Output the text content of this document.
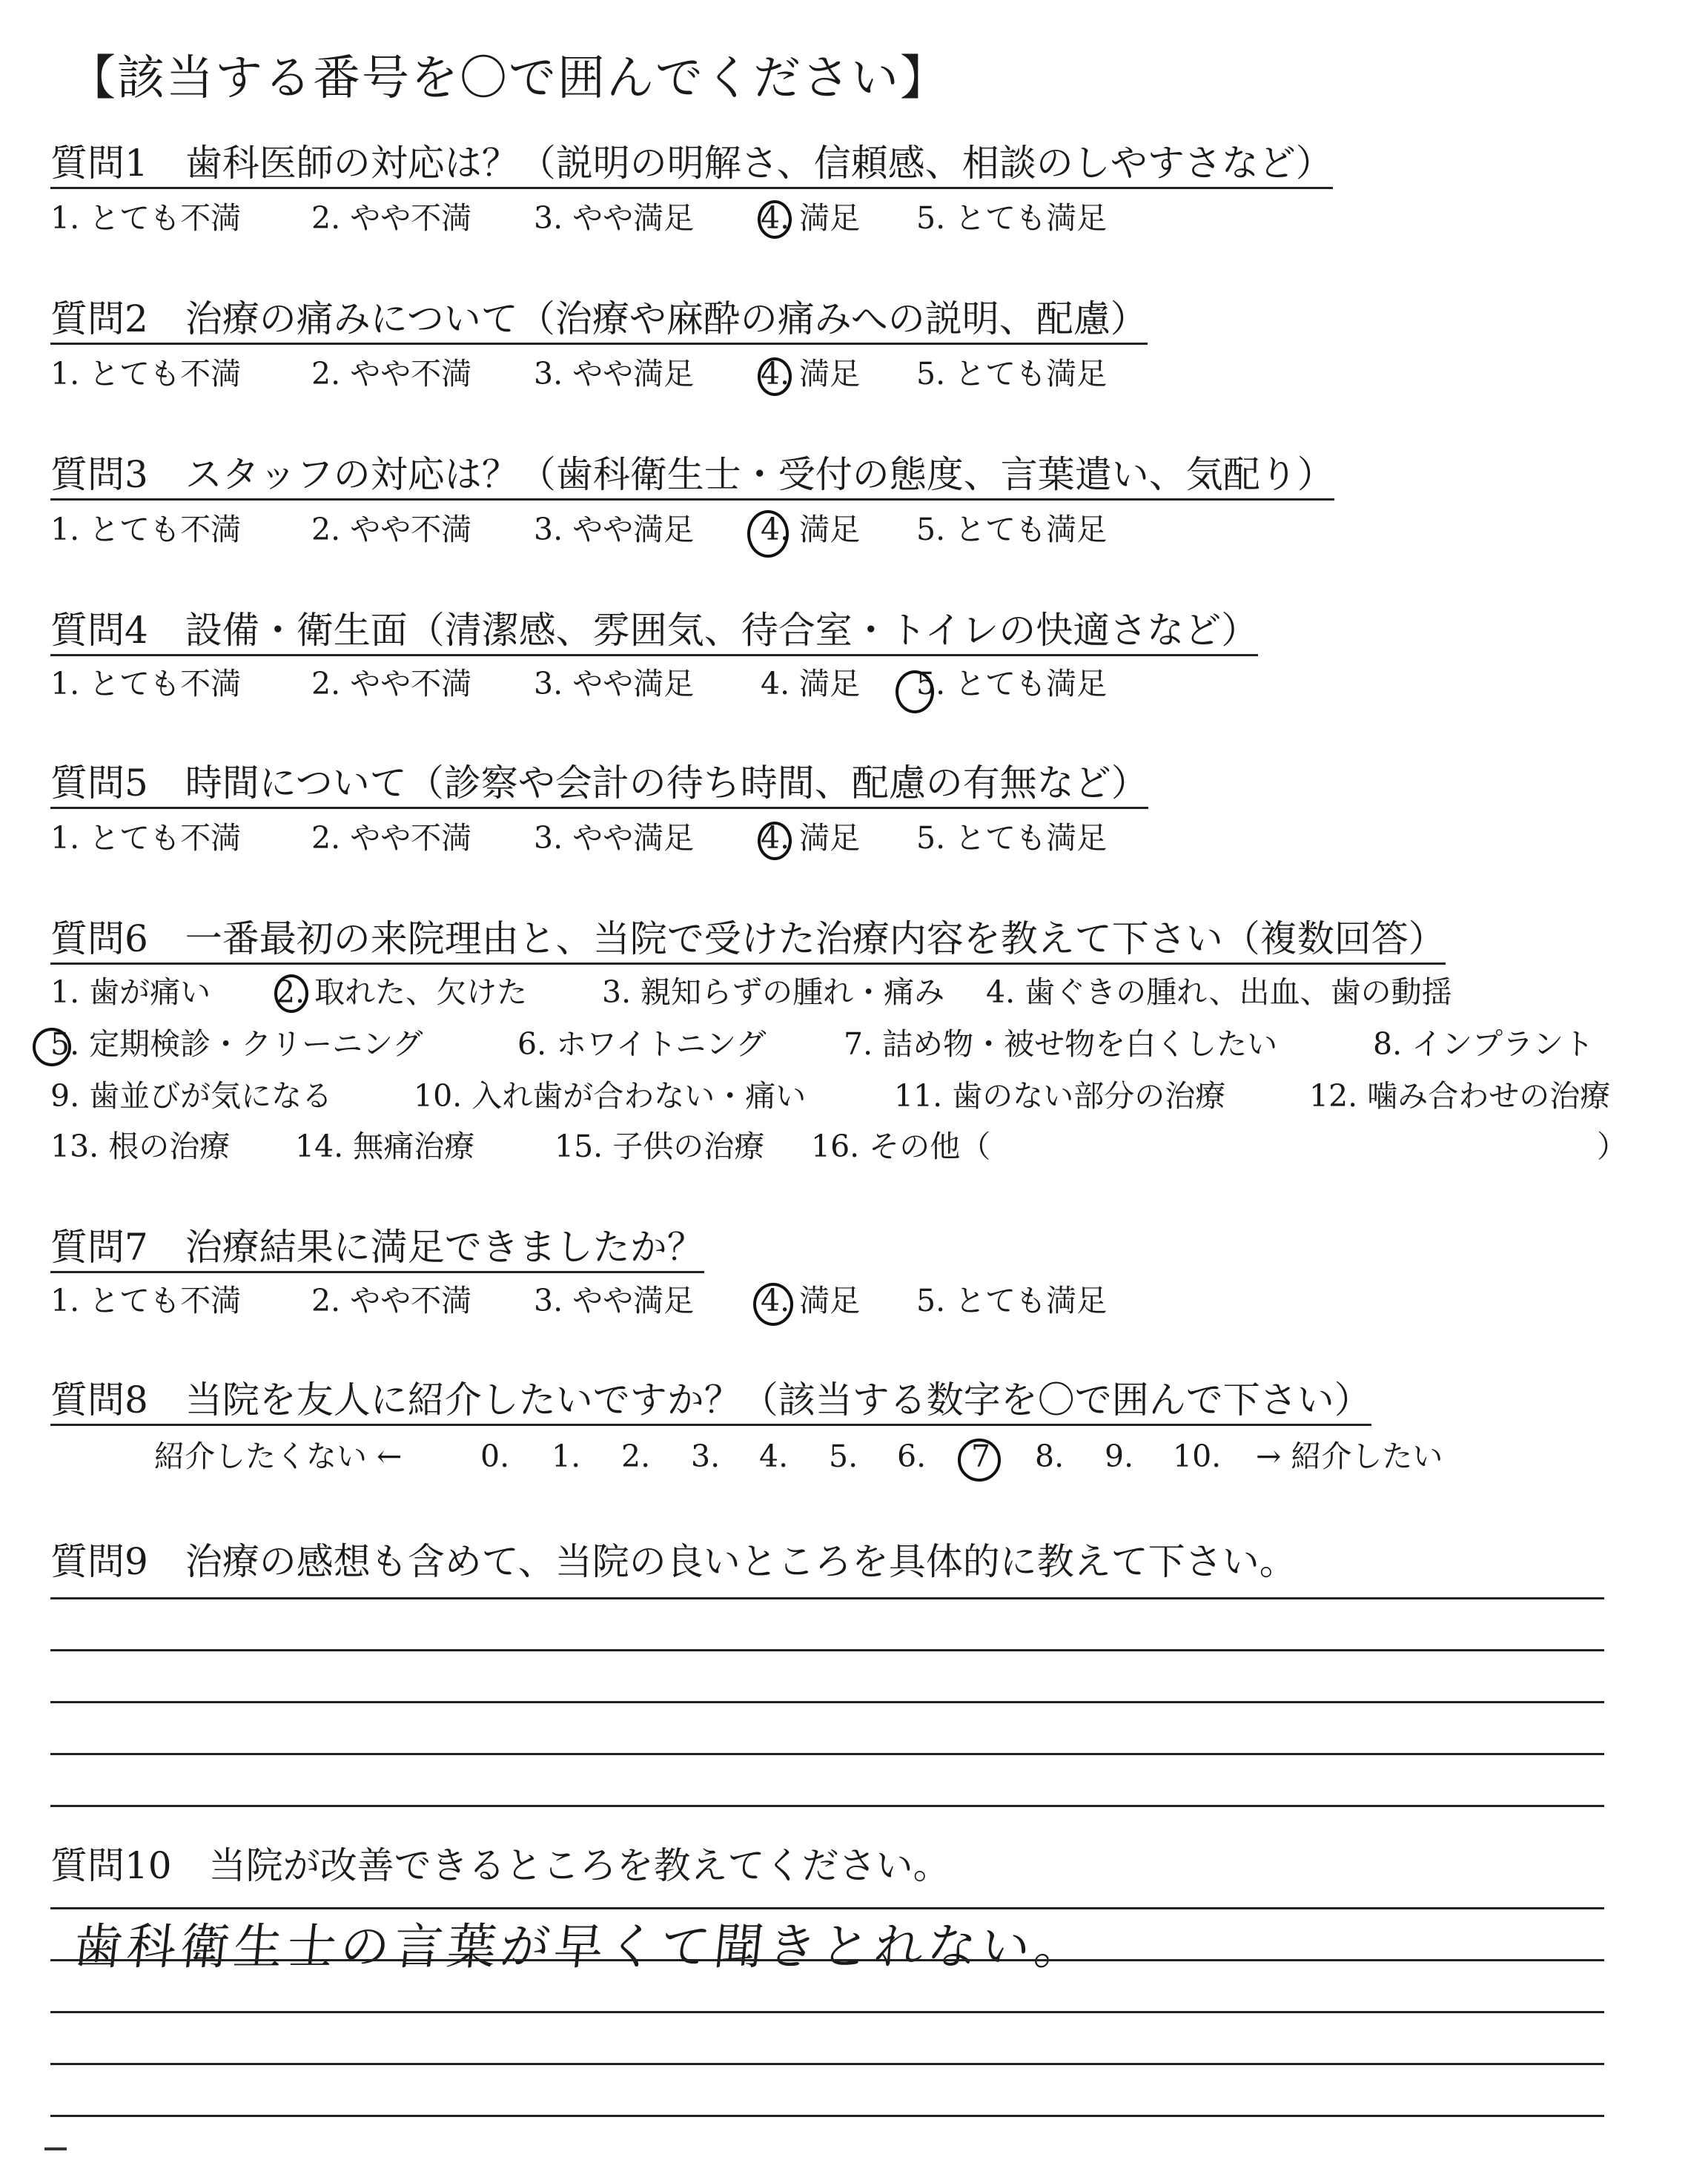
【該当する番号を〇で囲んでください】
質問1　歯科医師の対応は？（説明の明解さ、信頼感、相談のしやすさなど）
1. とても不満 2. やや不満 3. やや満足 4. 満足 5. とても満足
質問2　治療の痛みについて（治療や麻酔の痛みへの説明、配慮）
1. とても不満 2. やや不満 3. やや満足 4. 満足 5. とても満足
質問3　スタッフの対応は？（歯科衛生士・受付の態度、言葉遣い、気配り）
1. とても不満 2. やや不満 3. やや満足 4. 満足 5. とても満足
質問4　設備・衛生面（清潔感、雰囲気、待合室・トイレの快適さなど）
1. とても不満 2. やや不満 3. やや満足 4. 満足 5. とても満足
質問5　時間について（診察や会計の待ち時間、配慮の有無など）
1. とても不満 2. やや不満 3. やや満足 4. 満足 5. とても満足
質問6　一番最初の来院理由と、当院で受けた治療内容を教えて下さい（複数回答）
1. 歯が痛い 2. 取れた、欠けた 3. 親知らずの腫れ・痛み 4. 歯ぐきの腫れ、出血、歯の動揺
5. 定期検診・クリーニング	6. ホワイトニング	7. 詰め物・被せ物を白くしたい	8. インプラント
9. 歯並びが気になる	10. 入れ歯が合わない・痛い	11. 歯のない部分の治療	12. 噛み合わせの治療
13. 根の治療 14. 無痛治療	15. 子供の治療 16. その他（	）
質問7　治療結果に満足できましたか？
1. とても不満 2. やや不満 3. やや満足 4. 満足 5. とても満足
質問8　当院を友人に紹介したいですか？（該当する数字を〇で囲んで下さい）
紹介したくない ←	0. 1. 2. 3. 4. 5. 6. 7 8. 9. 10. → 紹介したい
質問9　治療の感想も含めて、当院の良いところを具体的に教えて下さい。
質問10　当院が改善できるところを教えてください。
歯科衛生士の言葉が早くて聞きとれない。
